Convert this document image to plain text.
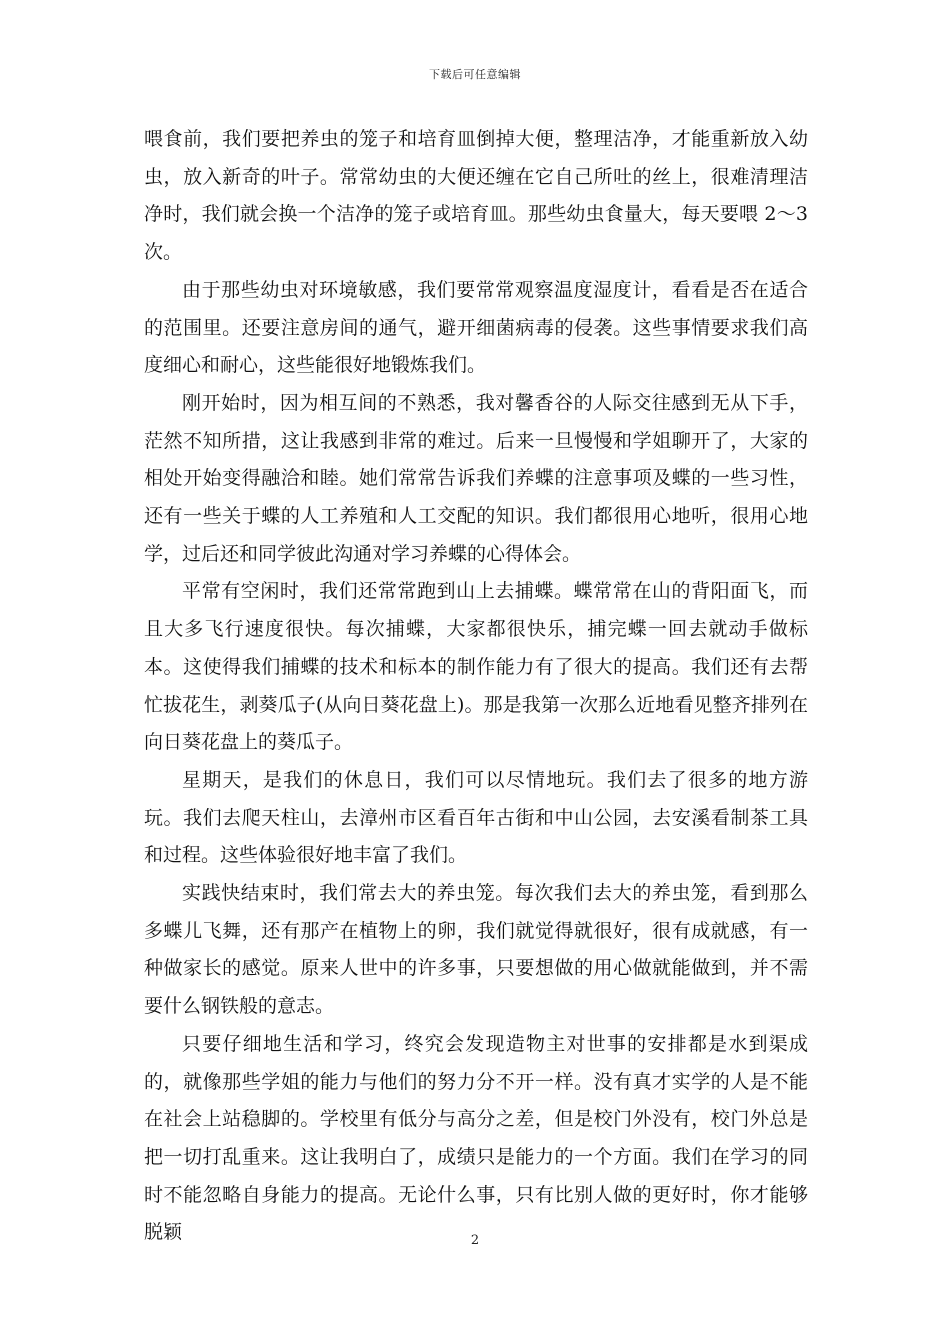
下载后可任意编辑

喂食前，我们要把养虫的笼子和培育皿倒掉大便，整理洁净，才能重新放入幼虫，放入新奇的叶子。常常幼虫的大便还缠在它自己所吐的丝上，很难清理洁净时，我们就会换一个洁净的笼子或培育皿。那些幼虫食量大，每天要喂 2～3 次。

由于那些幼虫对环境敏感，我们要常常观察温度湿度计，看看是否在适合的范围里。还要注意房间的通气，避开细菌病毒的侵袭。这些事情要求我们高度细心和耐心，这些能很好地锻炼我们。

刚开始时，因为相互间的不熟悉，我对馨香谷的人际交往感到无从下手，茫然不知所措，这让我感到非常的难过。后来一旦慢慢和学姐聊开了，大家的相处开始变得融洽和睦。她们常常告诉我们养蝶的注意事项及蝶的一些习性，还有一些关于蝶的人工养殖和人工交配的知识。我们都很用心地听，很用心地学，过后还和同学彼此沟通对学习养蝶的心得体会。

平常有空闲时，我们还常常跑到山上去捕蝶。蝶常常在山的背阳面飞，而且大多飞行速度很快。每次捕蝶，大家都很快乐，捕完蝶一回去就动手做标本。这使得我们捕蝶的技术和标本的制作能力有了很大的提高。我们还有去帮忙拔花生，剥葵瓜子(从向日葵花盘上)。那是我第一次那么近地看见整齐排列在向日葵花盘上的葵瓜子。

星期天，是我们的休息日，我们可以尽情地玩。我们去了很多的地方游玩。我们去爬天柱山，去漳州市区看百年古街和中山公园，去安溪看制茶工具和过程。这些体验很好地丰富了我们。

实践快结束时，我们常去大的养虫笼。每次我们去大的养虫笼，看到那么多蝶儿飞舞，还有那产在植物上的卵，我们就觉得就很好，很有成就感，有一种做家长的感觉。原来人世中的许多事，只要想做的用心做就能做到，并不需要什么钢铁般的意志。

只要仔细地生活和学习，终究会发现造物主对世事的安排都是水到渠成的，就像那些学姐的能力与他们的努力分不开一样。没有真才实学的人是不能在社会上站稳脚的。学校里有低分与高分之差，但是校门外没有，校门外总是把一切打乱重来。这让我明白了，成绩只是能力的一个方面。我们在学习的同时不能忽略自身能力的提高。无论什么事，只有比别人做的更好时，你才能够脱颖	2
